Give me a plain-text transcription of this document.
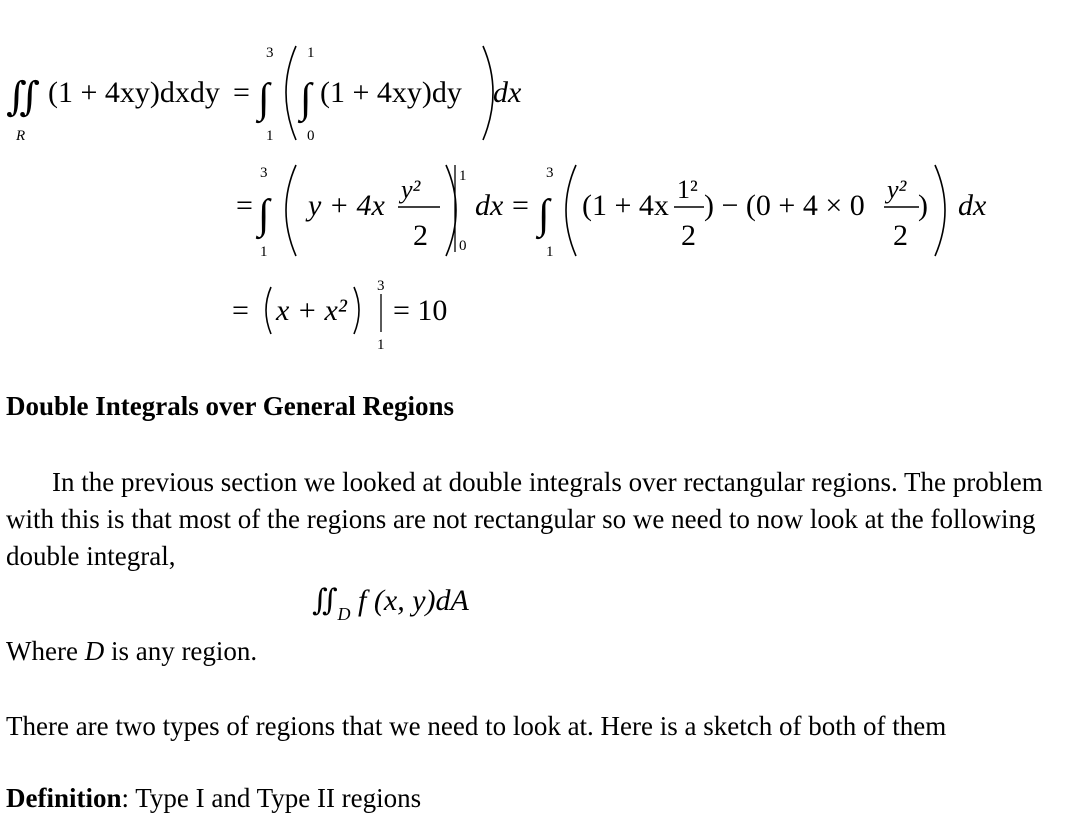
∬
R
(1 + 4xy)dxdy = ∫
3
1
∫
1
0
(1 + 4xy)dy dx
= ∫
3
1
y + 4x y²
2
1
0
dx = ∫
3
1
(1 + 4x 1²
2
) − (0 + 4 × 0 y²
2
) dx
= x + x²
3
1
= 10
Double Integrals over General Regions
In the previous section we looked at double integrals over rectangular regions. The problem with this is that most of the regions are not rectangular so we need to now look at the following double integral,
$∬_D$ f (x, y)dA
Where D is any region.
There are two types of regions that we need to look at. Here is a sketch of both of them
Definition: Type I and Type II regions
